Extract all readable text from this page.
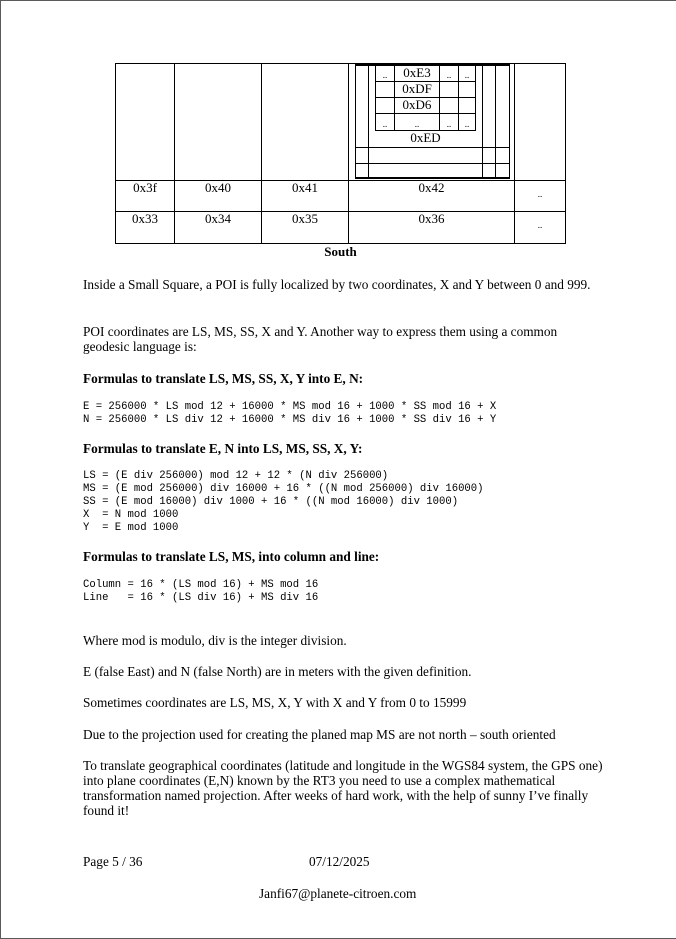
..	0xE3	..	..
0xDF
0xD6
..	..	..	..
0xED
0x3f	0x40	0x41	0x42	..
0x33	0x34	0x35	0x36	..
South
Inside a Small Square, a POI is fully localized by two coordinates, X and Y between 0 and 999.
POI coordinates are LS, MS, SS, X and Y. Another way to express them using a common geodesic language is:
Formulas to translate LS, MS, SS, X, Y into E, N:
E = 256000 * LS mod 12 + 16000 * MS mod 16 + 1000 * SS mod 16 + X
N = 256000 * LS div 12 + 16000 * MS div 16 + 1000 * SS div 16 + Y
Formulas to translate E, N into LS, MS, SS, X, Y:
LS = (E div 256000) mod 12 + 12 * (N div 256000)
MS = (E mod 256000) div 16000 + 16 * ((N mod 256000) div 16000)
SS = (E mod 16000) div 1000 + 16 * ((N mod 16000) div 1000)
X  = N mod 1000
Y  = E mod 1000
Formulas to translate LS, MS, into column and line:
Column = 16 * (LS mod 16) + MS mod 16
Line   = 16 * (LS div 16) + MS div 16
Where mod is modulo, div is the integer division.
E (false East) and N (false North) are in meters with the given definition.
Sometimes coordinates are LS, MS, X, Y with X and Y from 0 to 15999
Due to the projection used for creating the planed map MS are not north – south oriented
To translate geographical coordinates (latitude and longitude in the WGS84 system, the GPS one) into plane coordinates (E,N) known by the RT3 you need to use a complex mathematical transformation named projection. After weeks of hard work, with the help of sunny I’ve finally found it!
Page 5 / 36	07/12/2025
Janfi67@planete-citroen.com
